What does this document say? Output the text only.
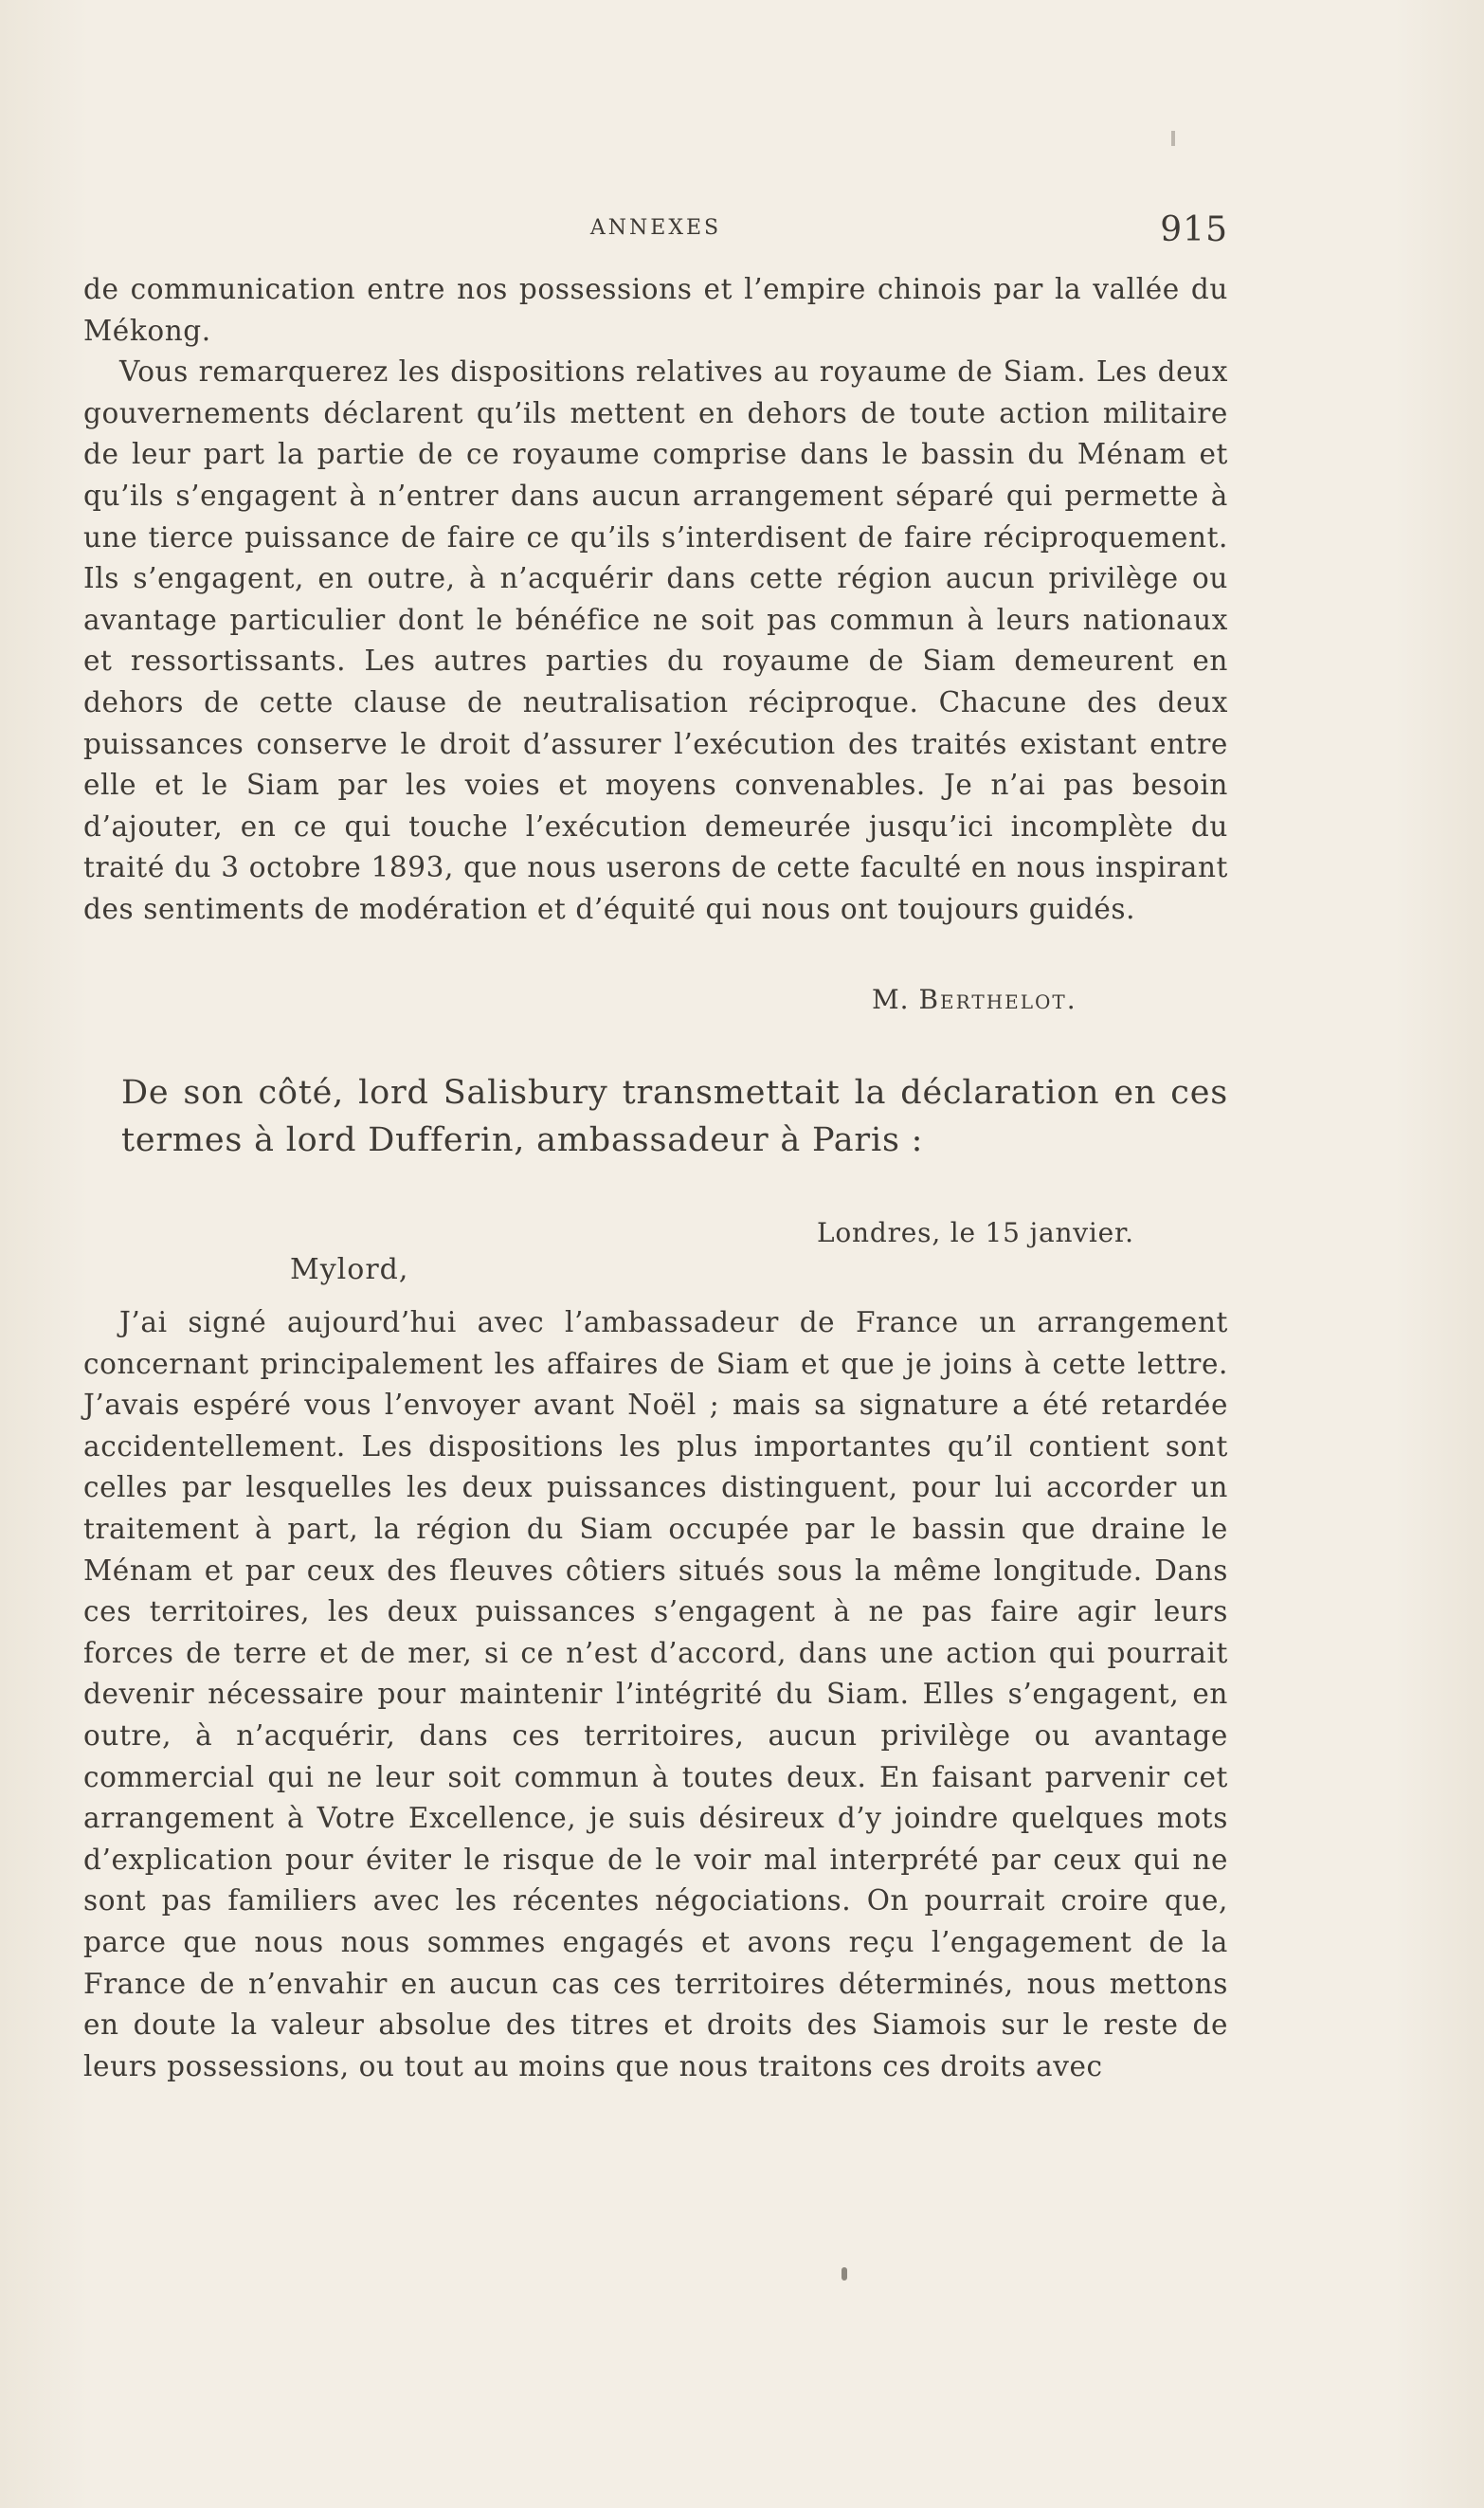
ANNEXES	915

de communication entre nos possessions et l’empire chinois par la vallée du Mékong.

Vous remarquerez les dispositions relatives au royaume de Siam. Les deux gouvernements déclarent qu’ils mettent en dehors de toute action militaire de leur part la partie de ce royaume comprise dans le bassin du Ménam et qu’ils s’engagent à n’entrer dans aucun arrangement séparé qui permette à une tierce puissance de faire ce qu’ils s’interdisent de faire réciproquement. Ils s’engagent, en outre, à n’acquérir dans cette région aucun privilège ou avantage particulier dont le bénéfice ne soit pas commun à leurs nationaux et ressortissants. Les autres parties du royaume de Siam demeurent en dehors de cette clause de neutralisation réciproque. Chacune des deux puissances conserve le droit d’assurer l’exécution des traités existant entre elle et le Siam par les voies et moyens convenables. Je n’ai pas besoin d’ajouter, en ce qui touche l’exécution demeurée jusqu’ici incomplète du traité du 3 octobre 1893, que nous userons de cette faculté en nous inspirant des sentiments de modération et d’équité qui nous ont toujours guidés.

M. Berthelot.

De son côté, lord Salisbury transmettait la déclaration en ces termes à lord Dufferin, ambassadeur à Paris :

Londres, le 15 janvier.
Mylord,

J’ai signé aujourd’hui avec l’ambassadeur de France un arrangement concernant principalement les affaires de Siam et que je joins à cette lettre. J’avais espéré vous l’envoyer avant Noël ; mais sa signature a été retardée accidentellement. Les dispositions les plus importantes qu’il contient sont celles par lesquelles les deux puissances distinguent, pour lui accorder un traitement à part, la région du Siam occupée par le bassin que draine le Ménam et par ceux des fleuves côtiers situés sous la même longitude. Dans ces territoires, les deux puissances s’engagent à ne pas faire agir leurs forces de terre et de mer, si ce n’est d’accord, dans une action qui pourrait devenir nécessaire pour maintenir l’intégrité du Siam. Elles s’engagent, en outre, à n’acquérir, dans ces territoires, aucun privilège ou avantage commercial qui ne leur soit commun à toutes deux. En faisant parvenir cet arrangement à Votre Excellence, je suis désireux d’y joindre quelques mots d’explication pour éviter le risque de le voir mal interprété par ceux qui ne sont pas familiers avec les récentes négociations. On pourrait croire que, parce que nous nous sommes engagés et avons reçu l’engagement de la France de n’envahir en aucun cas ces territoires déterminés, nous mettons en doute la valeur absolue des titres et droits des Siamois sur le reste de leurs possessions, ou tout au moins que nous traitons ces droits avec
